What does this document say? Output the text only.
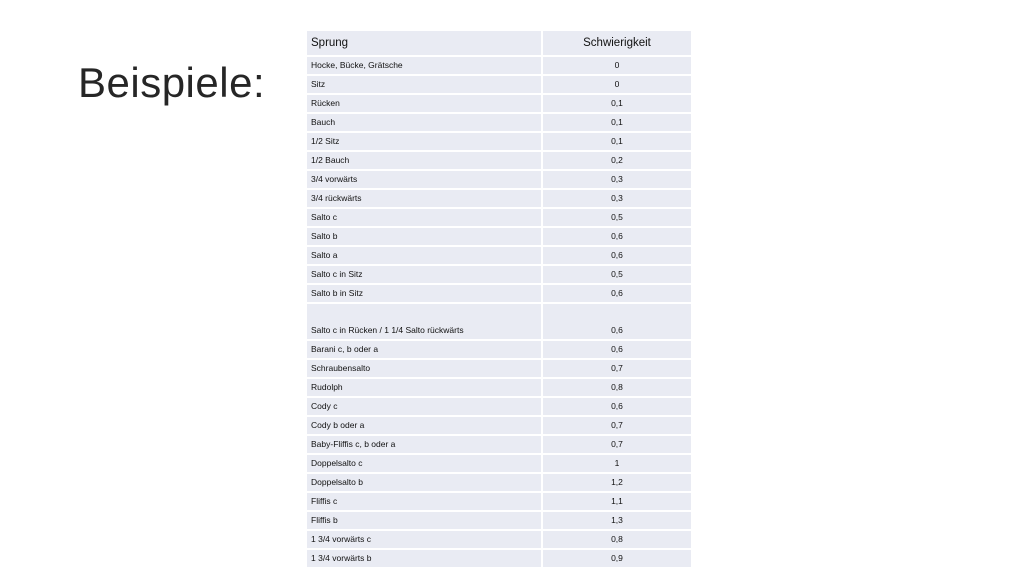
Beispiele:
Sprung	Schwierigkeit
Hocke, Bücke, Grätsche	0
Sitz	0
Rücken	0,1
Bauch	0,1
1/2 Sitz	0,1
1/2 Bauch	0,2
3/4 vorwärts	0,3
3/4 rückwärts	0,3
Salto c	0,5
Salto b	0,6
Salto a	0,6
Salto c in Sitz	0,5
Salto b in Sitz	0,6
Salto c in Rücken / 1 1/4 Salto rückwärts	0,6
Barani c, b oder a	0,6
Schraubensalto	0,7
Rudolph	0,8
Cody c	0,6
Cody b oder a	0,7
Baby-Fliffis c, b oder a	0,7
Doppelsalto c	1
Doppelsalto b	1,2
Fliffis c	1,1
Fliffis b	1,3
1 3/4 vorwärts c	0,8
1 3/4 vorwärts b	0,9
